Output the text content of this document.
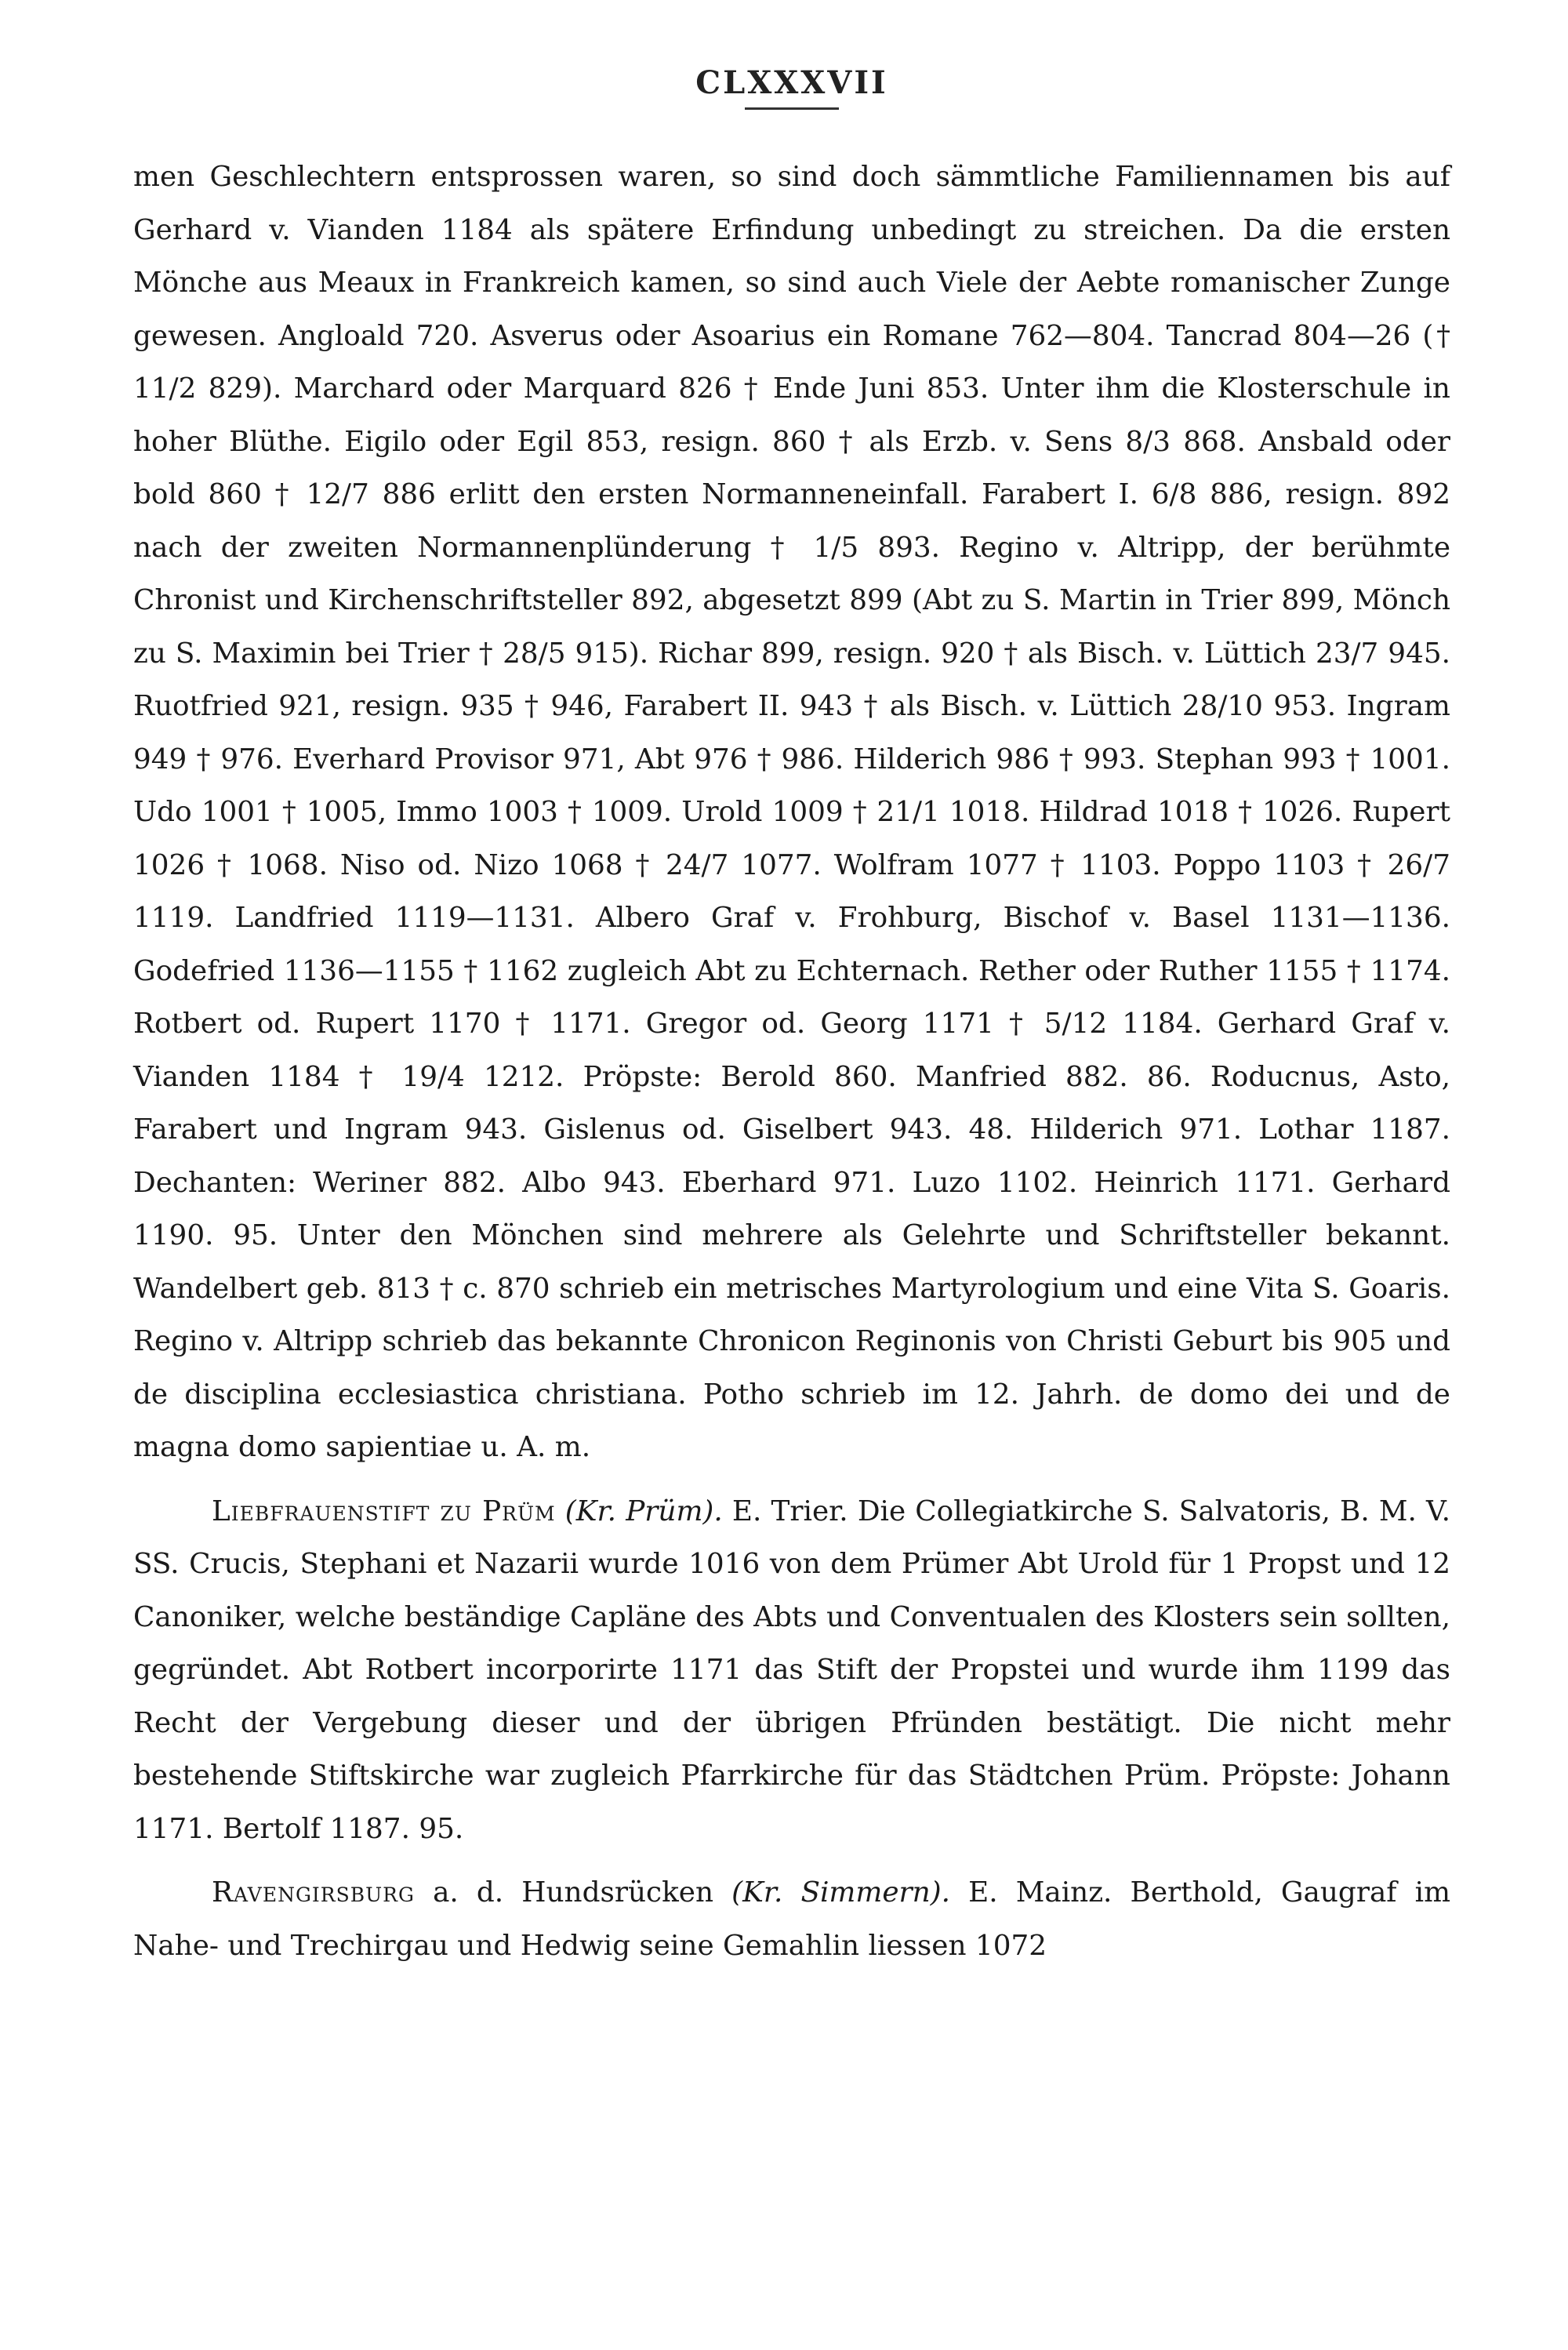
CLXXXVII

men Geschlechtern entsprossen waren, so sind doch sämmtliche Familiennamen bis auf Gerhard v. Vianden 1184 als spätere Erfindung unbedingt zu streichen. Da die ersten Mönche aus Meaux in Frankreich kamen, so sind auch Viele der Aebte romanischer Zunge gewesen. Angloald 720. Asverus oder Asoarius ein Romane 762—804. Tancrad 804—26 († 11/2 829). Marchard oder Marquard 826 † Ende Juni 853. Unter ihm die Klosterschule in hoher Blüthe. Eigilo oder Egil 853, resign. 860 † als Erzb. v. Sens 8/3 868. Ansbald oder bold 860 † 12/7 886 erlitt den ersten Normanneneinfall. Farabert I. 6/8 886, resign. 892 nach der zweiten Normannenplünderung † 1/5 893. Regino v. Altripp, der berühmte Chronist und Kirchenschriftsteller 892, abgesetzt 899 (Abt zu S. Martin in Trier 899, Mönch zu S. Maximin bei Trier † 28/5 915). Richar 899, resign. 920 † als Bisch. v. Lüttich 23/7 945. Ruotfried 921, resign. 935 † 946, Farabert II. 943 † als Bisch. v. Lüttich 28/10 953. Ingram 949 † 976. Everhard Provisor 971, Abt 976 † 986. Hilderich 986 † 993. Stephan 993 † 1001. Udo 1001 † 1005, Immo 1003 † 1009. Urold 1009 † 21/1 1018. Hildrad 1018 † 1026. Rupert 1026 † 1068. Niso od. Nizo 1068 † 24/7 1077. Wolfram 1077 † 1103. Poppo 1103 † 26/7 1119. Landfried 1119—1131. Albero Graf v. Frohburg, Bischof v. Basel 1131—1136. Godefried 1136—1155 † 1162 zugleich Abt zu Echternach. Rether oder Ruther 1155 † 1174. Rotbert od. Rupert 1170 † 1171. Gregor od. Georg 1171 † 5/12 1184. Gerhard Graf v. Vianden 1184 † 19/4 1212. Pröpste: Berold 860. Manfried 882. 86. Roducnus, Asto, Farabert und Ingram 943. Gislenus od. Giselbert 943. 48. Hilderich 971. Lothar 1187. Dechanten: Weriner 882. Albo 943. Eberhard 971. Luzo 1102. Heinrich 1171. Gerhard 1190. 95. Unter den Mönchen sind mehrere als Gelehrte und Schriftsteller bekannt. Wandelbert geb. 813 † c. 870 schrieb ein metrisches Martyrologium und eine Vita S. Goaris. Regino v. Altripp schrieb das bekannte Chronicon Reginonis von Christi Geburt bis 905 und de disciplina ecclesiastica christiana. Potho schrieb im 12. Jahrh. de domo dei und de magna domo sapientiae u. A. m.

Liebfrauenstift zu Prüm (Kr. Prüm). E. Trier. Die Collegiatkirche S. Salvatoris, B. M. V. SS. Crucis, Stephani et Nazarii wurde 1016 von dem Prümer Abt Urold für 1 Propst und 12 Canoniker, welche beständige Capläne des Abts und Conventualen des Klosters sein sollten, gegründet. Abt Rotbert incorporirte 1171 das Stift der Propstei und wurde ihm 1199 das Recht der Vergebung dieser und der übrigen Pfründen bestätigt. Die nicht mehr bestehende Stiftskirche war zugleich Pfarrkirche für das Städtchen Prüm. Pröpste: Johann 1171. Bertolf 1187. 95.

Ravengirsburg a. d. Hundsrücken (Kr. Simmern). E. Mainz. Berthold, Gaugraf im Nahe- und Trechirgau und Hedwig seine Gemahlin liessen 1072
